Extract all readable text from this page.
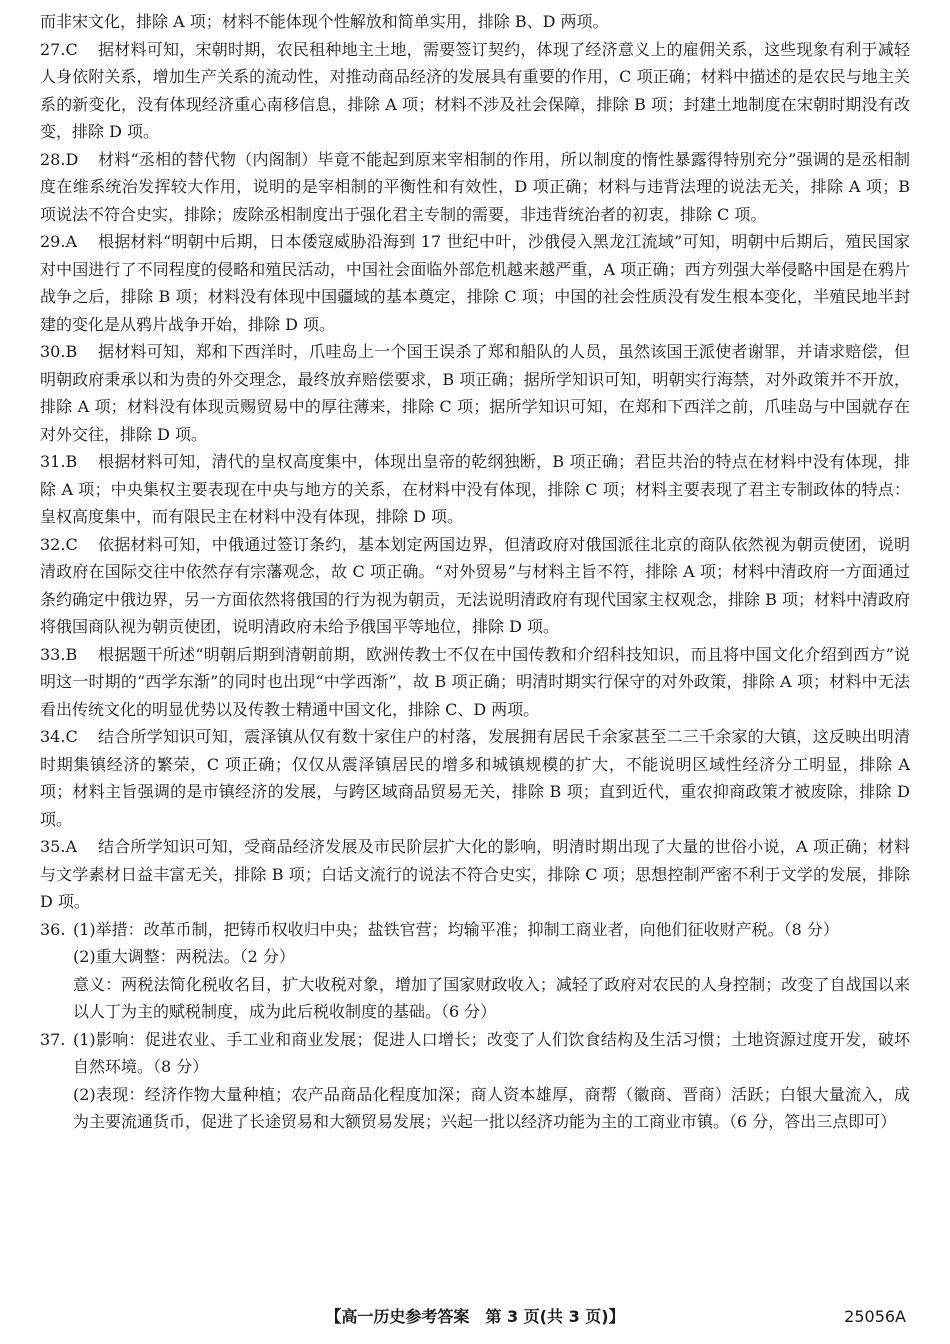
而非宋文化，排除 A 项；材料不能体现个性解放和简单实用，排除 B、D 两项。

27.C	据材料可知，宋朝时期，农民租种地主土地，需要签订契约，体现了经济意义上的雇佣关系，这些现象有利于减轻人身依附关系，增加生产关系的流动性，对推动商品经济的发展具有重要的作用，C 项正确；材料中描述的是农民与地主关系的新变化，没有体现经济重心南移信息，排除 A 项；材料不涉及社会保障，排除 B 项；封建土地制度在宋朝时期没有改变，排除 D 项。
28.D	材料“丞相的替代物（内阁制）毕竟不能起到原来宰相制的作用，所以制度的惰性暴露得特别充分”强调的是丞相制度在维系统治发挥较大作用，说明的是宰相制的平衡性和有效性，D 项正确；材料与违背法理的说法无关，排除 A 项；B 项说法不符合史实，排除；废除丞相制度出于强化君主专制的需要，非违背统治者的初衷，排除 C 项。
29.A	根据材料“明朝中后期，日本倭寇威胁沿海到 17 世纪中叶，沙俄侵入黑龙江流域”可知，明朝中后期后，殖民国家对中国进行了不同程度的侵略和殖民活动，中国社会面临外部危机越来越严重，A 项正确；西方列强大举侵略中国是在鸦片战争之后，排除 B 项；材料没有体现中国疆域的基本奠定，排除 C 项；中国的社会性质没有发生根本变化，半殖民地半封建的变化是从鸦片战争开始，排除 D 项。
30.B	据材料可知，郑和下西洋时，爪哇岛上一个国王误杀了郑和船队的人员，虽然该国王派使者谢罪，并请求赔偿，但明朝政府秉承以和为贵的外交理念，最终放弃赔偿要求，B 项正确；据所学知识可知，明朝实行海禁，对外政策并不开放，排除 A 项；材料没有体现贡赐贸易中的厚往薄来，排除 C 项；据所学知识可知，在郑和下西洋之前，爪哇岛与中国就存在对外交往，排除 D 项。
31.B	根据材料可知，清代的皇权高度集中，体现出皇帝的乾纲独断，B 项正确；君臣共治的特点在材料中没有体现，排除 A 项；中央集权主要表现在中央与地方的关系，在材料中没有体现，排除 C 项；材料主要表现了君主专制政体的特点：皇权高度集中，而有限民主在材料中没有体现，排除 D 项。
32.C	依据材料可知，中俄通过签订条约，基本划定两国边界，但清政府对俄国派往北京的商队依然视为朝贡使团，说明清政府在国际交往中依然存有宗藩观念，故 C 项正确。“对外贸易”与材料主旨不符，排除 A 项；材料中清政府一方面通过条约确定中俄边界，另一方面依然将俄国的行为视为朝贡，无法说明清政府有现代国家主权观念，排除 B 项；材料中清政府将俄国商队视为朝贡使团，说明清政府未给予俄国平等地位，排除 D 项。
33.B	根据题干所述“明朝后期到清朝前期，欧洲传教士不仅在中国传教和介绍科技知识，而且将中国文化介绍到西方”说明这一时期的“西学东渐”的同时也出现“中学西渐”，故 B 项正确；明清时期实行保守的对外政策，排除 A 项；材料中无法看出传统文化的明显优势以及传教士精通中国文化，排除 C、D 两项。
34.C	结合所学知识可知，震泽镇从仅有数十家住户的村落，发展拥有居民千余家甚至二三千余家的大镇，这反映出明清时期集镇经济的繁荣，C 项正确；仅仅从震泽镇居民的增多和城镇规模的扩大，不能说明区域性经济分工明显，排除 A 项；材料主旨强调的是市镇经济的发展，与跨区域商品贸易无关，排除 B 项；直到近代，重农抑商政策才被废除，排除 D 项。
35.A	结合所学知识可知，受商品经济发展及市民阶层扩大化的影响，明清时期出现了大量的世俗小说，A 项正确；材料与文学素材日益丰富无关，排除 B 项；白话文流行的说法不符合史实，排除 C 项；思想控制严密不利于文学的发展，排除 D 项。
36. (1)举措：改革币制，把铸币权收归中央；盐铁官营；均输平准；抑制工商业者，向他们征收财产税。（8 分）
(2)重大调整：两税法。（2 分）

意义：两税法简化税收名目，扩大收税对象，增加了国家财政收入；减轻了政府对农民的人身控制；改变了自战国以来以人丁为主的赋税制度，成为此后税收制度的基础。（6 分）

37. (1)影响：促进农业、手工业和商业发展；促进人口增长；改变了人们饮食结构及生活习惯；土地资源过度开发，破坏自然环境。（8 分）

(2)表现：经济作物大量种植；农产品商品化程度加深；商人资本雄厚，商帮（徽商、晋商）活跃；白银大量流入，成为主要流通货币，促进了长途贸易和大额贸易发展；兴起一批以经济功能为主的工商业市镇。（6 分，答出三点即可）

【高一历史参考答案　第 3 页(共 3 页)】	25056A
